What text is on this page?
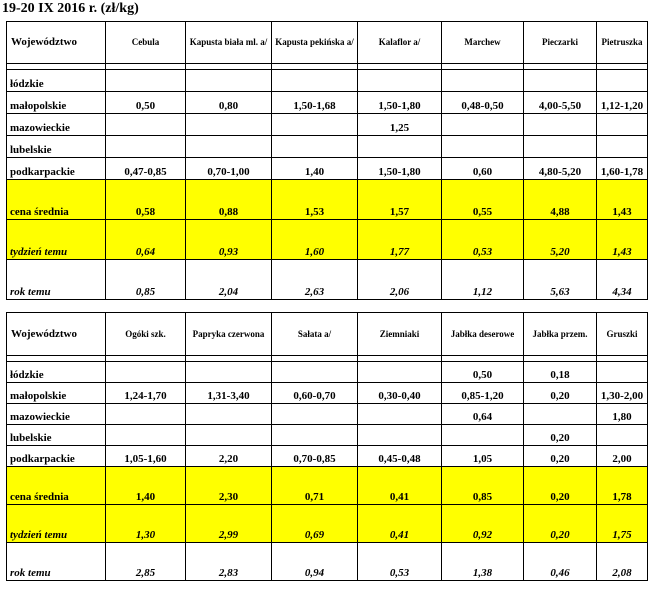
19-20 IX 2016 r. (zł/kg)
Województwo	Cebula	Kapusta biała ml. a/	Kapusta pekińska a/	Kalaflor a/	Marchew	Pieczarki	Pietruszka

łódzkie							
małopolskie	0,50	0,80	1,50-1,68	1,50-1,80	0,48-0,50	4,00-5,50	1,12-1,20
mazowieckie				1,25			
lubelskie							
podkarpackie	0,47-0,85	0,70-1,00	1,40	1,50-1,80	0,60	4,80-5,20	1,60-1,78
cena średnia	0,58	0,88	1,53	1,57	0,55	4,88	1,43
tydzień temu	0,64	0,93	1,60	1,77	0,53	5,20	1,43
rok temu	0,85	2,04	2,63	2,06	1,12	5,63	4,34
Województwo	Ogóki szk.	Papryka czerwona	Sałata a/	Ziemniaki	Jabłka deserowe	Jabłka przem.	Gruszki

łódzkie					0,50	0,18	
małopolskie	1,24-1,70	1,31-3,40	0,60-0,70	0,30-0,40	0,85-1,20	0,20	1,30-2,00
mazowieckie					0,64		1,80
lubelskie						0,20	
podkarpackie	1,05-1,60	2,20	0,70-0,85	0,45-0,48	1,05	0,20	2,00
cena średnia	1,40	2,30	0,71	0,41	0,85	0,20	1,78
tydzień temu	1,30	2,99	0,69	0,41	0,92	0,20	1,75
rok temu	2,85	2,83	0,94	0,53	1,38	0,46	2,08
